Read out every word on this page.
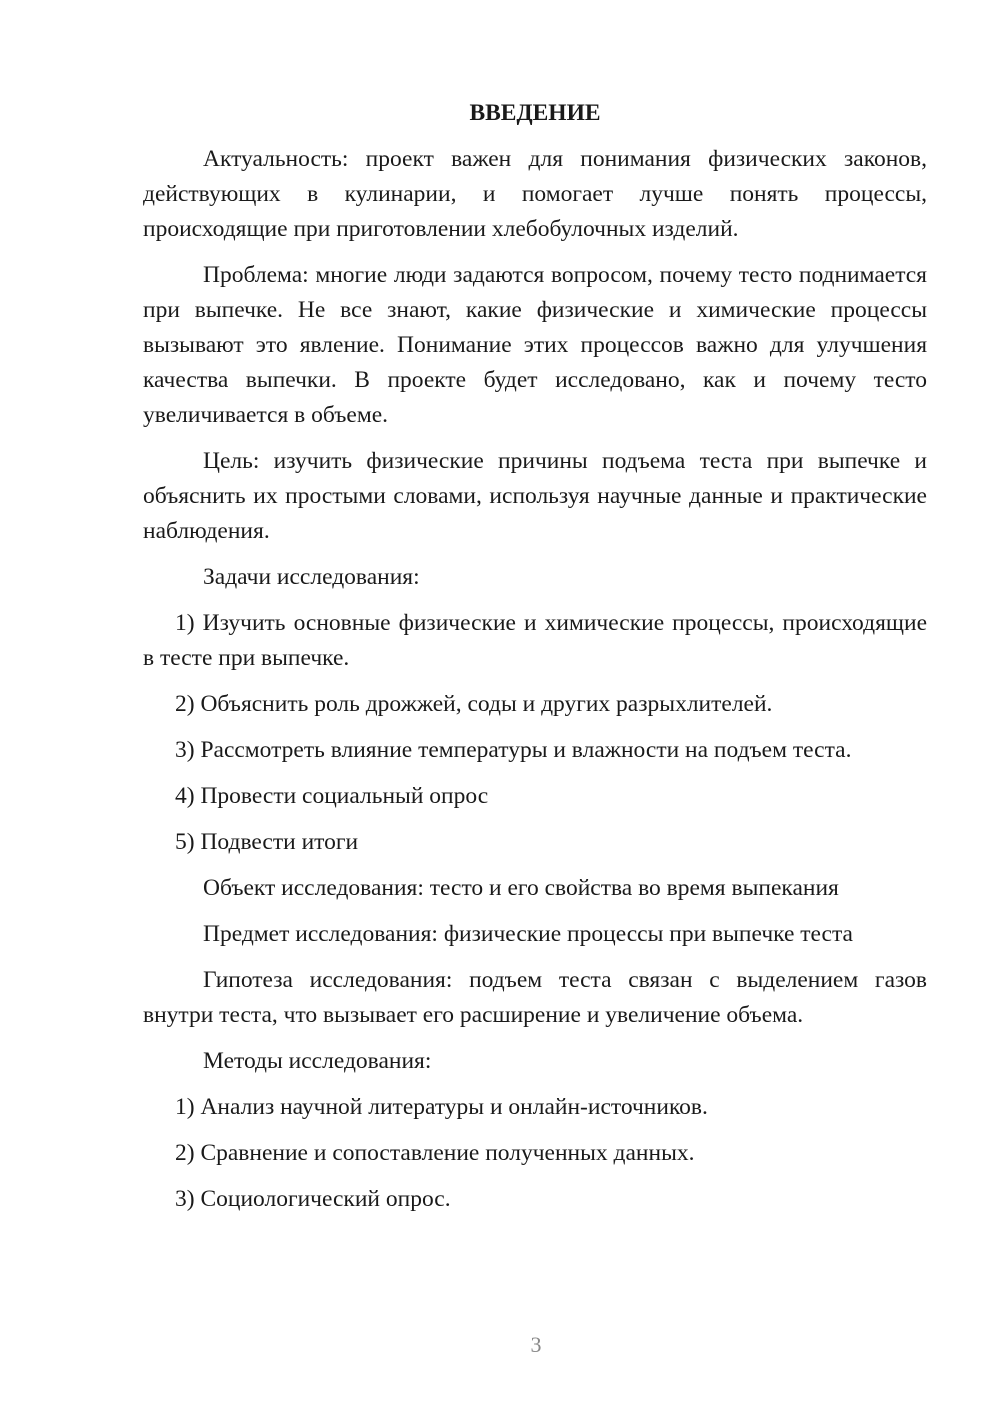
ВВЕДЕНИЕ
Актуальность: проект важен для понимания физических законов, действующих в кулинарии, и помогает лучше понять процессы, происходящие при приготовлении хлебобулочных изделий.
Проблема: многие люди задаются вопросом, почему тесто поднимается при выпечке. Не все знают, какие физические и химические процессы вызывают это явление. Понимание этих процессов важно для улучшения качества выпечки. В проекте будет исследовано, как и почему тесто увеличивается в объеме.
Цель: изучить физические причины подъема теста при выпечке и объяснить их простыми словами, используя научные данные и практические наблюдения.
Задачи исследования:
1) Изучить основные физические и химические процессы, происходящие в тесте при выпечке.
2) Объяснить роль дрожжей, соды и других разрыхлителей.
3) Рассмотреть влияние температуры и влажности на подъем теста.
4) Провести социальный опрос
5) Подвести итоги
Объект исследования: тесто и его свойства во время выпекания
Предмет исследования: физические процессы при выпечке теста
Гипотеза исследования: подъем теста связан с выделением газов внутри теста, что вызывает его расширение и увеличение объема.
Методы исследования:
1) Анализ научной литературы и онлайн-источников.
2) Сравнение и сопоставление полученных данных.
3) Социологический опрос.
3
